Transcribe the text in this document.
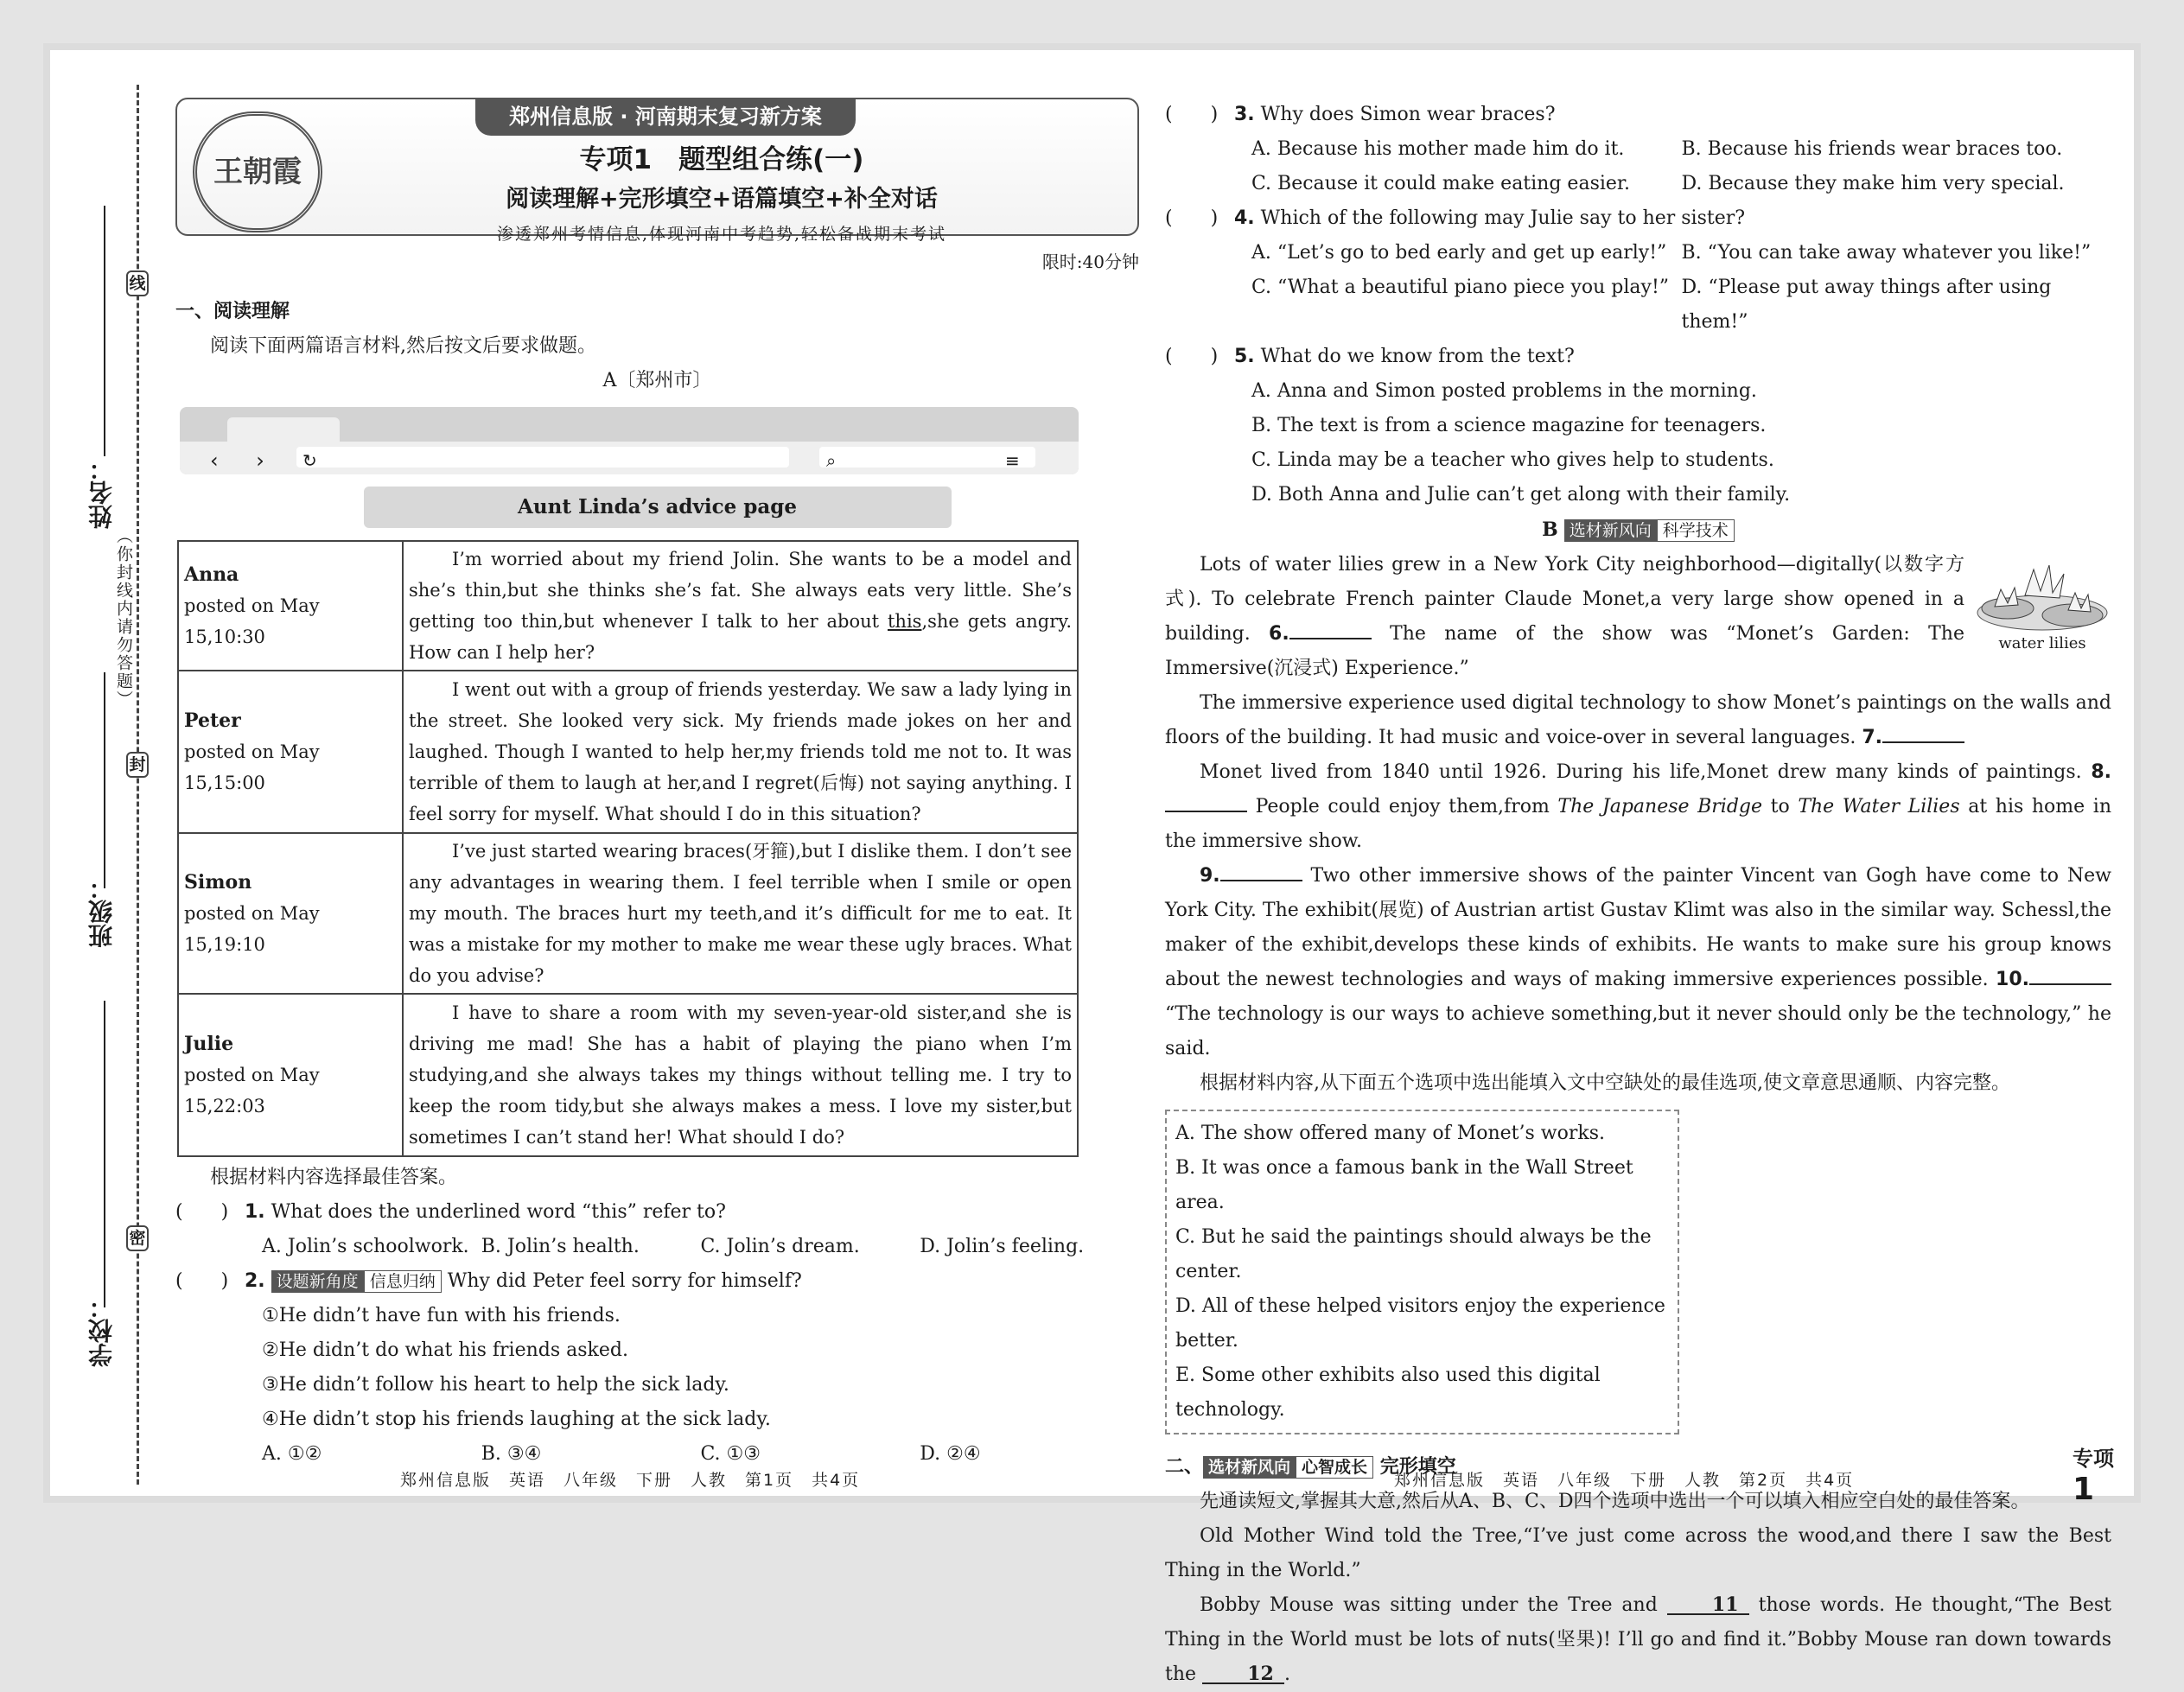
线
封
密
姓名：
班级：
学校：
（你封线内请勿答题）
郑州信息版 · 河南期末复习新方案
王朝霞	专项1　题型组合练(一)
阅读理解+完形填空+语篇填空+补全对话
渗透郑州考情信息,体现河南中考趋势,轻松备战期末考试
限时:40分钟
一、阅读理解
阅读下面两篇语言材料,然后按文后要求做题。
A〔郑州市〕
‹ › ↻	⌕	≡
Aunt Linda’s advice page
Anna
posted on May 15,10:30	I’m worried about my friend Jolin. She wants to be a model and she’s thin,but she thinks she’s fat. She always eats very little. She’s getting too thin,but whenever I talk to her about this,she gets angry. How can I help her?

Peter
posted on May 15,15:00	I went out with a group of friends yesterday. We saw a lady lying in the street. She looked very sick. My friends made jokes on her and laughed. Though I wanted to help her,my friends told me not to. It was terrible of them to laugh at her,and I regret(后悔) not saying anything. I feel sorry for myself. What should I do in this situation?

Simon
posted on May 15,19:10	I’ve just started wearing braces(牙箍),but I dislike them. I don’t see any advantages in wearing them. I feel terrible when I smile or open my mouth. The braces hurt my teeth,and it’s difficult for me to eat. It was a mistake for my mother to make me wear these ugly braces. What do you advise?

Julie
posted on May 15,22:03	I have to share a room with my seven-year-old sister,and she is driving me mad! She has a habit of playing the piano when I’m studying,and she always takes my things without telling me. I try to keep the room tidy,but she always makes a mess. I love my sister,but sometimes I can’t stand her! What should I do?
根据材料内容选择最佳答案。
(　　) 1. What does the underlined word “this” refer to?
A. Jolin’s schoolwork. B. Jolin’s health.	C. Jolin’s dream.	D. Jolin’s feeling.
(　　) 2. 设题新角度 信息归纳 Why did Peter feel sorry for himself?
①He didn’t have fun with his friends.
②He didn’t do what his friends asked.
③He didn’t follow his heart to help the sick lady.
④He didn’t stop his friends laughing at the sick lady.
A. ①②	B. ③④	C. ①③	D. ②④
(　　) 3. Why does Simon wear braces?
A. Because his mother made him do it.	B. Because his friends wear braces too.
C. Because it could make eating easier.	D. Because they make him very special.
(　　) 4. Which of the following may Julie say to her sister?
A. “Let’s go to bed early and get up early!” B. “You can take away whatever you like!”
C. “What a beautiful piano piece you play!” D. “Please put away things after using them!”
(　　) 5. What do we know from the text?
A. Anna and Simon posted problems in the morning.
B. The text is from a science magazine for teenagers.
C. Linda may be a teacher who gives help to students.
D. Both Anna and Julie can’t get along with their family.
B 选材新风向 科学技术
water lilies

Lots of water lilies grew in a New York City neighborhood—digitally(以数字方式). To celebrate French painter Claude Monet,a very large show opened in a building. 6.	The name of the show was “Monet’s Garden: The Immersive(沉浸式) Experience.”

The immersive experience used digital technology to show Monet’s paintings on the walls and floors of the building. It had music and voice-over in several languages. 7.

Monet lived from 1840 until 1926. During his life,Monet drew many kinds of paintings. 8. People could enjoy them,from The Japanese Bridge to The Water Lilies at his home in the immersive show.

9.	Two other immersive shows of the painter Vincent van Gogh have come to New York City. The exhibit(展览) of Austrian artist Gustav Klimt was also in the similar way. Schessl,the maker of the exhibit,develops these kinds of exhibits. He wants to make sure his group knows about the newest technologies and ways of making immersive experiences possible. 10. “The technology is our ways to achieve something,but it never should only be the technology,” he said.

根据材料内容,从下面五个选项中选出能填入文中空缺处的最佳选项,使文章意思通顺、内容完整。

A. The show offered many of Monet’s works.
B. It was once a famous bank in the Wall Street area.
C. But he said the paintings should always be the center.
D. All of these helped visitors enjoy the experience better.
E. Some other exhibits also used this digital technology.
二、 选材新风向 心智成长 完形填空
先通读短文,掌握其大意,然后从A、B、C、D四个选项中选出一个可以填入相应空白处的最佳答案。
Old Mother Wind told the Tree,“I’ve just come across the wood,and there I saw the Best Thing in the World.”
Bobby Mouse was sitting under the Tree and 11 those words. He thought,“The Best Thing in the World must be lots of nuts(坚果)! I’ll go and find it.”Bobby Mouse ran down towards the 12 .
郑州信息版　英语　八年级　下册　人教　第1页　共4页	郑州信息版　英语　八年级　下册　人教　第2页　共4页
专项 1
